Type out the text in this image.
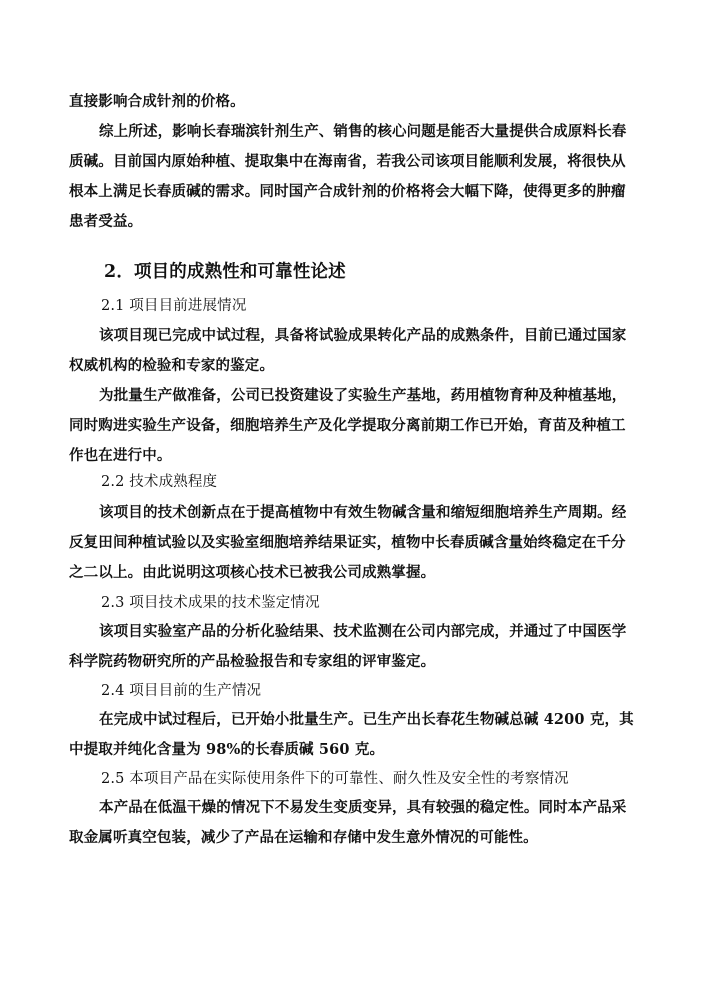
直接影响合成针剂的价格。
综上所述，影响长春瑞滨针剂生产、销售的核心问题是能否大量提供合成原料长春
质碱。目前国内原始种植、提取集中在海南省，若我公司该项目能顺利发展，将很快从
根本上满足长春质碱的需求。同时国产合成针剂的价格将会大幅下降，使得更多的肿瘤
患者受益。
2．项目的成熟性和可靠性论述
2.1 项目目前进展情况
该项目现已完成中试过程，具备将试验成果转化产品的成熟条件，目前已通过国家
权威机构的检验和专家的鉴定。
为批量生产做准备，公司已投资建设了实验生产基地，药用植物育种及种植基地，
同时购进实验生产设备，细胞培养生产及化学提取分离前期工作已开始，育苗及种植工
作也在进行中。
2.2 技术成熟程度
该项目的技术创新点在于提高植物中有效生物碱含量和缩短细胞培养生产周期。经
反复田间种植试验以及实验室细胞培养结果证实，植物中长春质碱含量始终稳定在千分
之二以上。由此说明这项核心技术已被我公司成熟掌握。
2.3 项目技术成果的技术鉴定情况
该项目实验室产品的分析化验结果、技术监测在公司内部完成，并通过了中国医学
科学院药物研究所的产品检验报告和专家组的评审鉴定。
2.4 项目目前的生产情况
在完成中试过程后，已开始小批量生产。已生产出长春花生物碱总碱 4200 克，其
中提取并纯化含量为 98%的长春质碱 560 克。
2.5 本项目产品在实际使用条件下的可靠性、耐久性及安全性的考察情况
本产品在低温干燥的情况下不易发生变质变异，具有较强的稳定性。同时本产品采
取金属听真空包装，减少了产品在运输和存储中发生意外情况的可能性。
